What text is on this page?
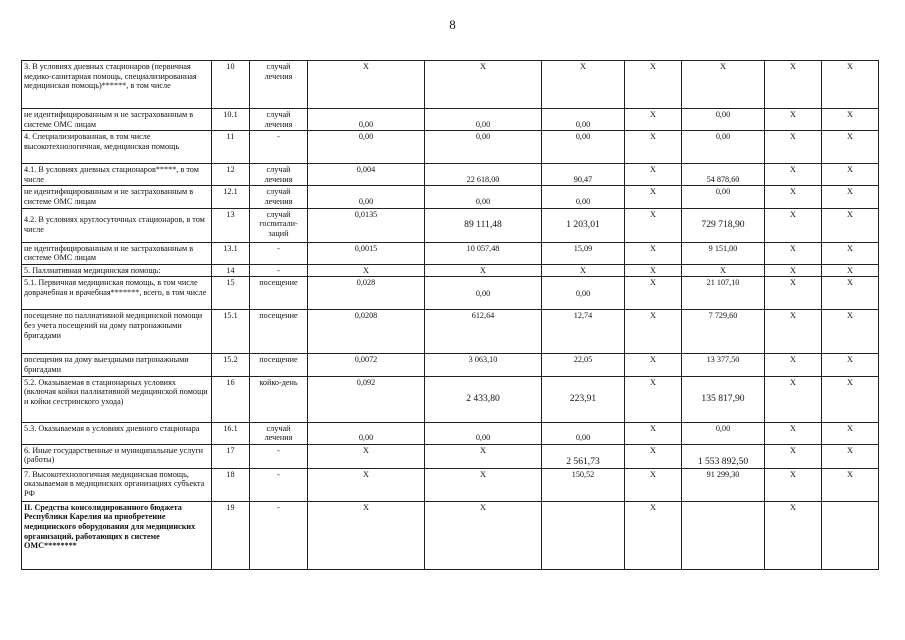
8
3. В условиях дневных стационаров (первичная медико-санитарная помощь, специализированная медицинская помощь)******, в том числе	10	случай лечения	Х	Х	Х	Х	Х	Х	Х
не идентифицированным и не застрахованным в системе ОМС лицам	10.1	случай лечения	0,00	0,00	0,00	Х	0,00	Х	Х
4. Специализированная, в том числе высокотехнологичная, медицинская помощь	11	-	0,00	0,00	0,00	Х	0,00	Х	Х
4.1. В условиях дневных стационаров*****, в том числе	12	случай лечения	0,004	22 618,00	90,47	Х	54 878,60	Х	Х
не идентифицированным и не застрахованным в системе ОМС лицам	12.1	случай лечения	0,00	0,00	0,00	Х	0,00	Х	Х
4.2. В условиях круглосуточных стационаров, в том числе	13	случай госпитали-заций	0,0135	89 111,48	1 203,01	Х	729 718,90	Х	Х
не идентифицированным и не застрахованным в системе ОМС лицам	13.1	-	0,0015	10 057,48	15,09	Х	9 151,00	Х	Х
5. Паллиативная медицинская помощь:	14	-	Х	Х	Х	Х	Х	Х	Х
5.1. Первичная медицинская помощь, в том числе доврачебная и врачебная*******, всего, в том числе	15	посещение	0,028	0,00	0,00	Х	21 107,10	Х	Х
посещение по паллиативной медицинской помощи без учета посещений на дому патронажными бригадами	15.1	посещение	0,0208	612,64	12,74	Х	7 729,60	Х	Х
посещения на дому выездными патронажными бригадами	15.2	посещение	0,0072	3 063,10	22,05	Х	13 377,50	Х	Х
5.2. Оказываемая в стационарных условиях (включая койки паллиативной медицинской помощи и койки сестринского ухода)	16	койко-день	0,092	2 433,80	223,91	Х	135 817,90	Х	Х
5.3. Оказываемая в условиях дневного стационара	16.1	случай лечения	0,00	0,00	0,00	Х	0,00	Х	Х
6. Иные государственные и муниципальные услуги (работы)	17	-	Х	Х	2 561,73	Х	1 553 892,50	Х	Х
7. Высокотехнологичная медицинская помощь, оказываемая в медицинских организациях субъекта РФ	18	-	Х	Х	150,52	Х	91 299,30	Х	Х
II. Средства консолидированного бюджета Республики Карелия на приобретение медицинского оборудования для медицинских организаций, работающих в системе ОМС********	19	-	Х	Х		Х		Х	
